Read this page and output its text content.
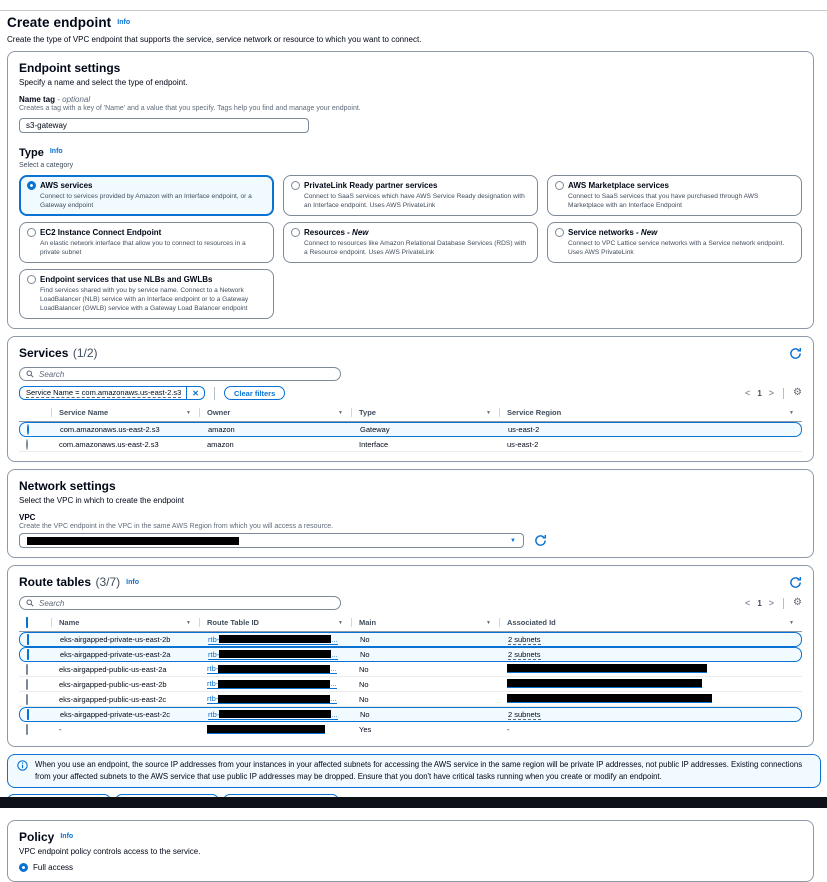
Create endpoint Info
Create the type of VPC endpoint that supports the service, service network or resource to which you want to connect.
Endpoint settings
Specify a name and select the type of endpoint.
Name tag - optional
Creates a tag with a key of 'Name' and a value that you specify. Tags help you find and manage your endpoint.
s3-gateway
Type Info
Select a category
AWS services
Connect to services provided by Amazon with an Interface endpoint, or a Gateway endpoint
PrivateLink Ready partner services
Connect to SaaS services which have AWS Service Ready designation with an Interface endpoint. Uses AWS PrivateLink
AWS Marketplace services
Connect to SaaS services that you have purchased through AWS Marketplace with an Interface Endpoint
EC2 Instance Connect Endpoint
An elastic network interface that allow you to connect to resources in a private subnet
Resources - New
Connect to resources like Amazon Relational Database Services (RDS) with a Resource endpoint. Uses AWS PrivateLink
Service networks - New
Connect to VPC Lattice service networks with a Service network endpoint. Uses AWS PrivateLink
Endpoint services that use NLBs and GWLBs
Find services shared with you by service name. Connect to a Network LoadBalancer (NLB) service with an Interface endpoint or to a Gateway LoadBalancer (GWLB) service with a Gateway Load Balancer endpoint
Services
(1/2)
Search
Service Name = com.amazonaws.us-east-2.s3	✕	Clear filters	< 1 > ⚙
Service Name	▼ Owner	▼ Type	▼ Service Region	▼
com.amazonaws.us-east-2.s3	amazon	Gateway	us-east-2
com.amazonaws.us-east-2.s3	amazon	Interface	us-east-2
Network settings
Select the VPC in which to create the endpoint
VPC
Create the VPC endpoint in the VPC in the same AWS Region from which you will access a resource.
▼
Route tables
(3/7) Info
Search	< 1 > ⚙
Name	▼ Route Table ID	▼ Main	▼ Associated Id	▼
✓
eks-airgapped-private-us-east-2b	rtb-	...	No	2 subnets
✓
eks-airgapped-private-us-east-2a	rtb-	...	No	2 subnets
eks-airgapped-public-us-east-2a	rtb-	...	No
eks-airgapped-public-us-east-2b	rtb-	...	No
eks-airgapped-public-us-east-2c	rtb-	...	No
✓
eks-airgapped-private-us-east-2c	rtb-	...	No	2 subnets
-	Yes	-
When you use an endpoint, the source IP addresses from your instances in your affected subnets for accessing the AWS service in the same region will be private IP addresses, not public IP addresses. Existing connections from your affected subnets to the AWS service that use public IP addresses may be dropped. Ensure that you don't have critical tasks running when you create or modify an endpoint.
Policy Info
VPC endpoint policy controls access to the service.
Full access
